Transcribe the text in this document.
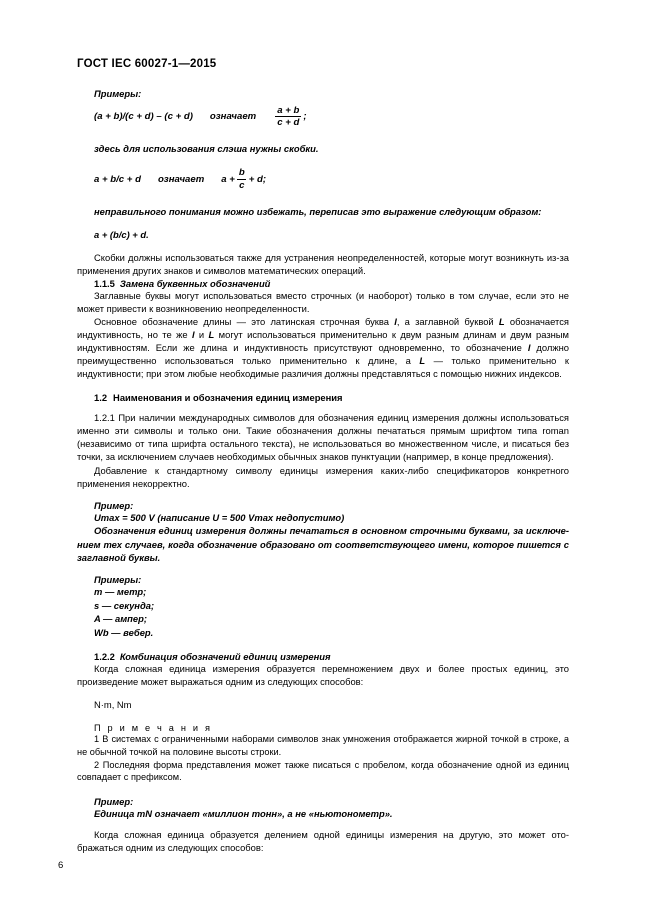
ГОСТ IEC 60027-1—2015
Примеры:
(a + b)/(c + d) – (c + d) означает $\frac{a + b}{c + d}$ ;
здесь для использования слэша нужны скобки.
a + b/c + d означает $a + \frac{b}{c} + d$;
неправильного понимания можно избежать, переписав это выражение следующим образом:
a + (b/c) + d.

Скобки должны использоваться также для устранения неопределенностей, которые могут возникнуть из-за применения других знаков и символов математических операций.

1.1.5 Замена буквенных обозначений

Заглавные буквы могут использоваться вместо строчных (и наоборот) только в том случае, если это не может привести к возникновению неопределенности.

Основное обозначение длины — это латинская строчная буква l, а заглавной буквой L обозначается индуктивность, но те же l и L могут использоваться применительно к двум разным длинам и двум разным индуктивностям. Если же длина и индуктивность присутствуют одновременно, то обозначение l должно преимущественно использоваться только применительно к длине, а L — только применительно к индуктивности; при этом любые необходимые различия должны представляться с помощью нижних индексов.

1.2 Наименования и обозначения единиц измерения

1.2.1 При наличии международных символов для обозначения единиц измерения должны использоваться именно эти символы и только они. Такие обозначения должны печататься прямым шрифтом типа roman (независимо от типа шрифта остального текста), не использоваться во множественном числе, и писаться без точки, за исключением случаев необходимых обычных знаков пунктуации (например, в конце предложения).

Добавление к стандартному символу единицы измерения каких-либо спецификаторов конкретного применения некорректно.

Пример:
Umax = 500 V (написание U = 500 Vmax недопустимо)

Обозначения единиц измерения должны печататься в основном строчными буквами, за исключением тех случаев, когда обозначение образовано от соответствующего имени, которое пишется с заглавной буквы.

Примеры:
m — метр;
s — секунда;
A — ампер;
Wb — вебер.
1.2.2 Комбинация обозначений единиц измерения

Когда сложная единица измерения образуется перемножением двух и более простых единиц, это произведение может выражаться одним из следующих способов:

N·m, Nm
П р и м е ч а н и я

1 В системах с ограниченными наборами символов знак умножения отображается жирной точкой в строке, а не обычной точкой на половине высоты строки.

2 Последняя форма представления может также писаться с пробелом, когда обозначение одной из единиц совпадает с префиксом.

Пример:
Единица mN означает «миллион тонн», а не «ньютонометр».

Когда сложная единица образуется делением одной единицы измерения на другую, это может отображаться одним из следующих способов:

6
